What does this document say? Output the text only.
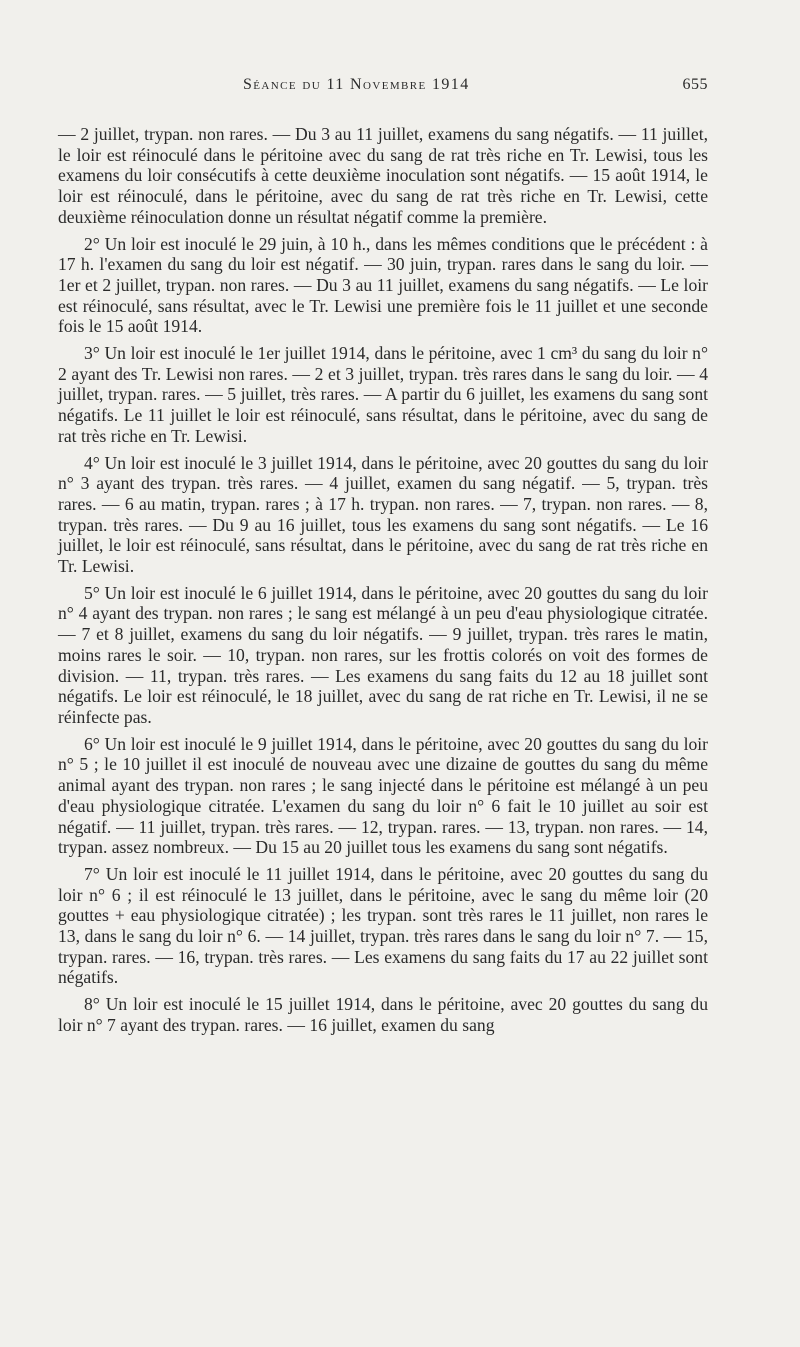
Séance du 11 Novembre 1914	655

— 2 juillet, trypan. non rares. — Du 3 au 11 juillet, examens du sang négatifs. — 11 juillet, le loir est réinoculé dans le péritoine avec du sang de rat très riche en Tr. Lewisi, tous les examens du loir consécutifs à cette deuxième inoculation sont négatifs. — 15 août 1914, le loir est réinoculé, dans le péritoine, avec du sang de rat très riche en Tr. Lewisi, cette deuxième réinoculation donne un résultat négatif comme la première.

2° Un loir est inoculé le 29 juin, à 10 h., dans les mêmes conditions que le précédent : à 17 h. l'examen du sang du loir est négatif. — 30 juin, trypan. rares dans le sang du loir. — 1er et 2 juillet, trypan. non rares. — Du 3 au 11 juillet, examens du sang négatifs. — Le loir est réinoculé, sans résultat, avec le Tr. Lewisi une première fois le 11 juillet et une seconde fois le 15 août 1914.

3° Un loir est inoculé le 1er juillet 1914, dans le péritoine, avec 1 cm³ du sang du loir n° 2 ayant des Tr. Lewisi non rares. — 2 et 3 juillet, trypan. très rares dans le sang du loir. — 4 juillet, trypan. rares. — 5 juillet, très rares. — A partir du 6 juillet, les examens du sang sont négatifs. Le 11 juillet le loir est réinoculé, sans résultat, dans le péritoine, avec du sang de rat très riche en Tr. Lewisi.

4° Un loir est inoculé le 3 juillet 1914, dans le péritoine, avec 20 gouttes du sang du loir n° 3 ayant des trypan. très rares. — 4 juillet, examen du sang négatif. — 5, trypan. très rares. — 6 au matin, trypan. rares ; à 17 h. trypan. non rares. — 7, trypan. non rares. — 8, trypan. très rares. — Du 9 au 16 juillet, tous les examens du sang sont négatifs. — Le 16 juillet, le loir est réinoculé, sans résultat, dans le péritoine, avec du sang de rat très riche en Tr. Lewisi.

5° Un loir est inoculé le 6 juillet 1914, dans le péritoine, avec 20 gouttes du sang du loir n° 4 ayant des trypan. non rares ; le sang est mélangé à un peu d'eau physiologique citratée. — 7 et 8 juillet, examens du sang du loir négatifs. — 9 juillet, trypan. très rares le matin, moins rares le soir. — 10, trypan. non rares, sur les frottis colorés on voit des formes de division. — 11, trypan. très rares. — Les examens du sang faits du 12 au 18 juillet sont négatifs. Le loir est réinoculé, le 18 juillet, avec du sang de rat riche en Tr. Lewisi, il ne se réinfecte pas.

6° Un loir est inoculé le 9 juillet 1914, dans le péritoine, avec 20 gouttes du sang du loir n° 5 ; le 10 juillet il est inoculé de nouveau avec une dizaine de gouttes du sang du même animal ayant des trypan. non rares ; le sang injecté dans le péritoine est mélangé à un peu d'eau physiologique citratée. L'examen du sang du loir n° 6 fait le 10 juillet au soir est négatif. — 11 juillet, trypan. très rares. — 12, trypan. rares. — 13, trypan. non rares. — 14, trypan. assez nombreux. — Du 15 au 20 juillet tous les examens du sang sont négatifs.

7° Un loir est inoculé le 11 juillet 1914, dans le péritoine, avec 20 gouttes du sang du loir n° 6 ; il est réinoculé le 13 juillet, dans le péritoine, avec le sang du même loir (20 gouttes + eau physiologique citratée) ; les trypan. sont très rares le 11 juillet, non rares le 13, dans le sang du loir n° 6. — 14 juillet, trypan. très rares dans le sang du loir n° 7. — 15, trypan. rares. — 16, trypan. très rares. — Les examens du sang faits du 17 au 22 juillet sont négatifs.

8° Un loir est inoculé le 15 juillet 1914, dans le péritoine, avec 20 gouttes du sang du loir n° 7 ayant des trypan. rares. — 16 juillet, examen du sang
